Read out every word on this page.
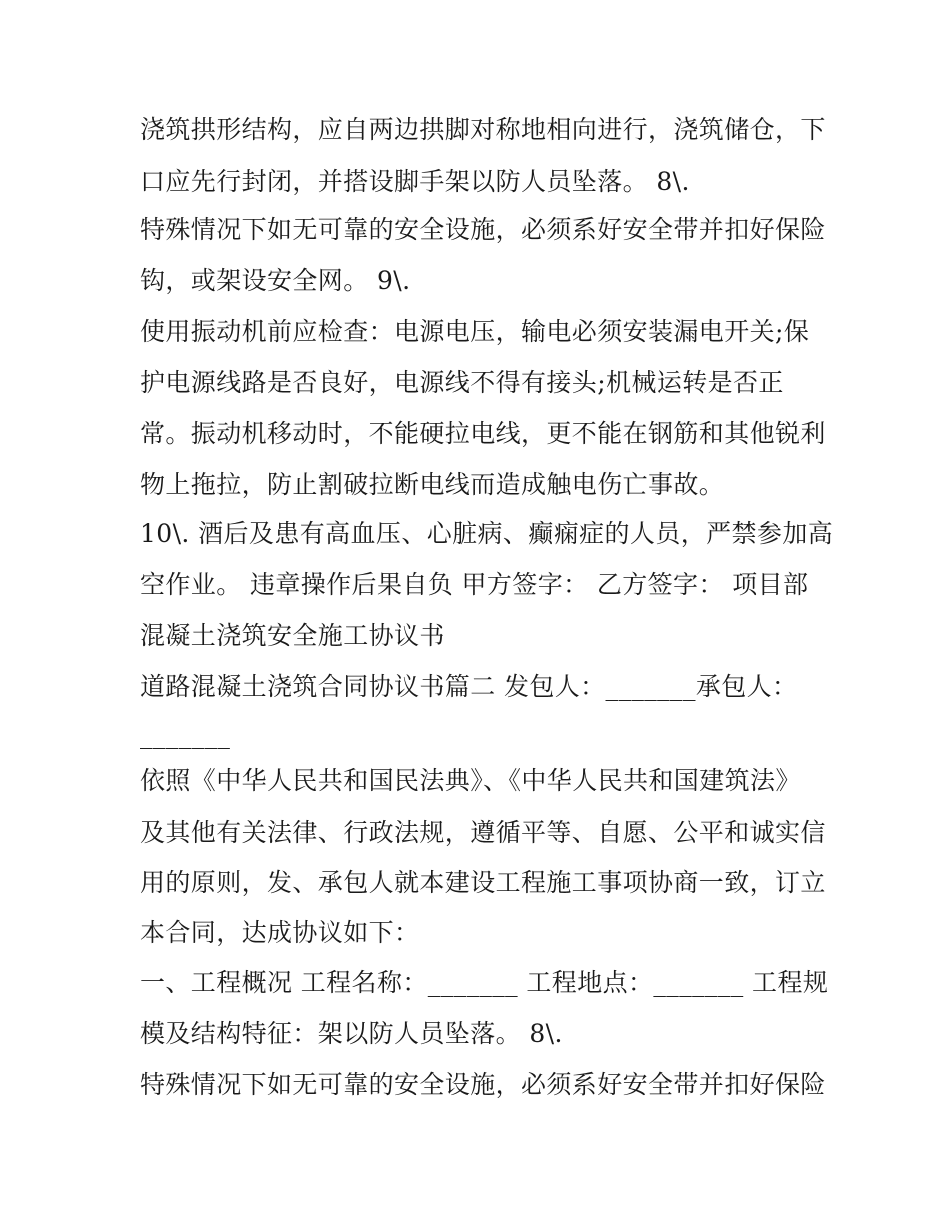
浇筑拱形结构，应自两边拱脚对称地相向进行，浇筑储仓，下
口应先行封闭，并搭设脚手架以防人员坠落。 8\.
特殊情况下如无可靠的安全设施，必须系好安全带并扣好保险
钩，或架设安全网。 9\.
使用振动机前应检查：电源电压，输电必须安装漏电开关;保
护电源线路是否良好，电源线不得有接头;机械运转是否正
常。振动机移动时，不能硬拉电线，更不能在钢筋和其他锐利
物上拖拉，防止割破拉断电线而造成触电伤亡事故。
10\. 酒后及患有高血压、心脏病、癫痫症的人员，严禁参加高
空作业。 违章操作后果自负 甲方签字： 乙方签字： 项目部
混凝土浇筑安全施工协议书
道路混凝土浇筑合同协议书篇二 发包人：_______承包人：
_______
依照《中华人民共和国民法典》、《中华人民共和国建筑法》
及其他有关法律、行政法规，遵循平等、自愿、公平和诚实信
用的原则，发、承包人就本建设工程施工事项协商一致，订立
本合同，达成协议如下：
一、工程概况 工程名称：_______ 工程地点：_______ 工程规
模及结构特征：架以防人员坠落。 8\.
特殊情况下如无可靠的安全设施，必须系好安全带并扣好保险
